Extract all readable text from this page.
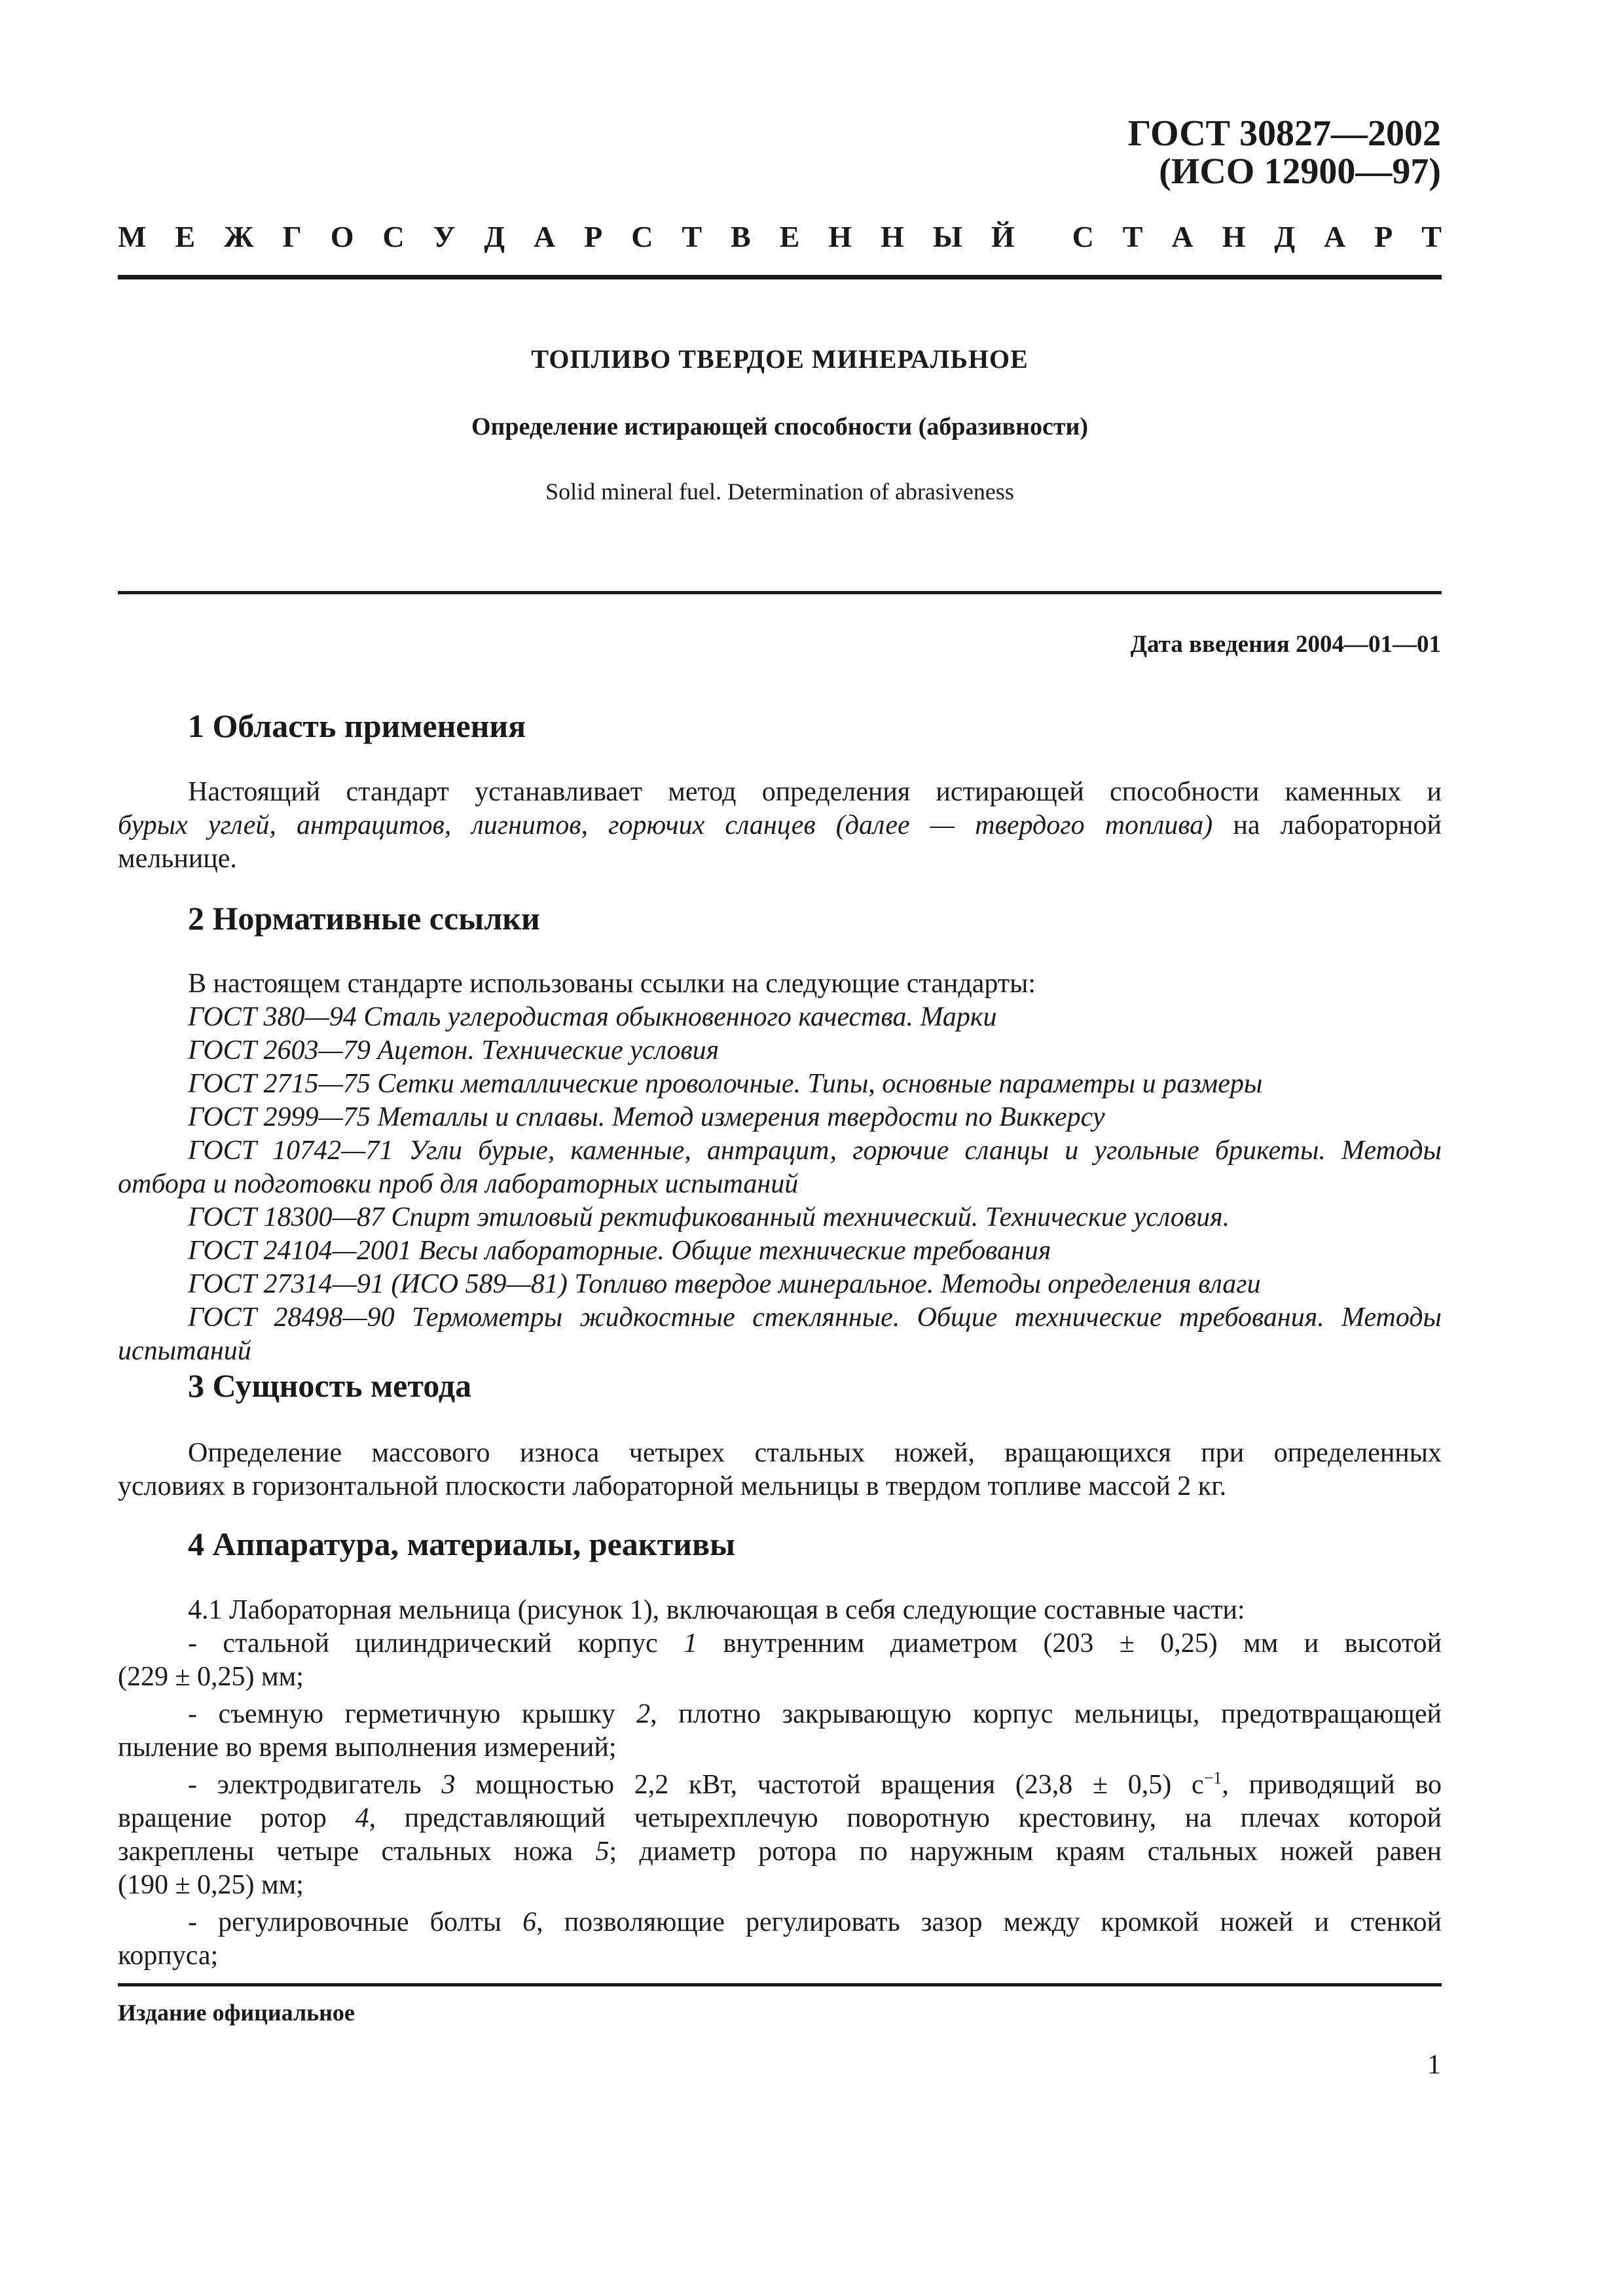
ГОСТ 30827—2002
(ИСО 12900—97)
М Е Ж Г О С У Д А Р С Т В Е Н Н Ы Й С Т А Н Д А Р Т
ТОПЛИВО ТВЕРДОЕ МИНЕРАЛЬНОЕ
Определение истирающей способности (абразивности)
Solid mineral fuel. Determination of abrasiveness
Дата введения 2004—01—01
1 Область применения
Настоящий стандарт устанавливает метод определения истирающей способности каменных и
бурых углей, антрацитов, лигнитов, горючих сланцев (далее — твердого топлива) на лабораторной
мельнице.
2 Нормативные ссылки
В настоящем стандарте использованы ссылки на следующие стандарты:
ГОСТ 380—94 Сталь углеродистая обыкновенного качества. Марки
ГОСТ 2603—79 Ацетон. Технические условия
ГОСТ 2715—75 Сетки металлические проволочные. Типы, основные параметры и размеры
ГОСТ 2999—75 Металлы и сплавы. Метод измерения твердости по Виккерсу
ГОСТ 10742—71 Угли бурые, каменные, антрацит, горючие сланцы и угольные брикеты. Методы
отбора и подготовки проб для лабораторных испытаний
ГОСТ 18300—87 Спирт этиловый ректификованный технический. Технические условия.
ГОСТ 24104—2001 Весы лабораторные. Общие технические требования
ГОСТ 27314—91 (ИСО 589—81) Топливо твердое минеральное. Методы определения влаги
ГОСТ 28498—90 Термометры жидкостные стеклянные. Общие технические требования. Методы
испытаний
3 Сущность метода
Определение массового износа четырех стальных ножей, вращающихся при определенных
условиях в горизонтальной плоскости лабораторной мельницы в твердом топливе массой 2 кг.
4 Аппаратура, материалы, реактивы
4.1 Лабораторная мельница (рисунок 1), включающая в себя следующие составные части:
- стальной цилиндрический корпус 1 внутренним диаметром (203 ± 0,25) мм и высотой
(229 ± 0,25) мм;
- съемную герметичную крышку 2, плотно закрывающую корпус мельницы, предотвращающей
пыление во время выполнения измерений;
- электродвигатель 3 мощностью 2,2 кВт, частотой вращения (23,8 ± 0,5) $с^{-1}$, приводящий во
вращение ротор 4, представляющий четырехплечую поворотную крестовину, на плечах которой
закреплены четыре стальных ножа 5; диаметр ротора по наружным краям стальных ножей равен
(190 ± 0,25) мм;
- регулировочные болты 6, позволяющие регулировать зазор между кромкой ножей и стенкой
корпуса;
Издание официальное
1
